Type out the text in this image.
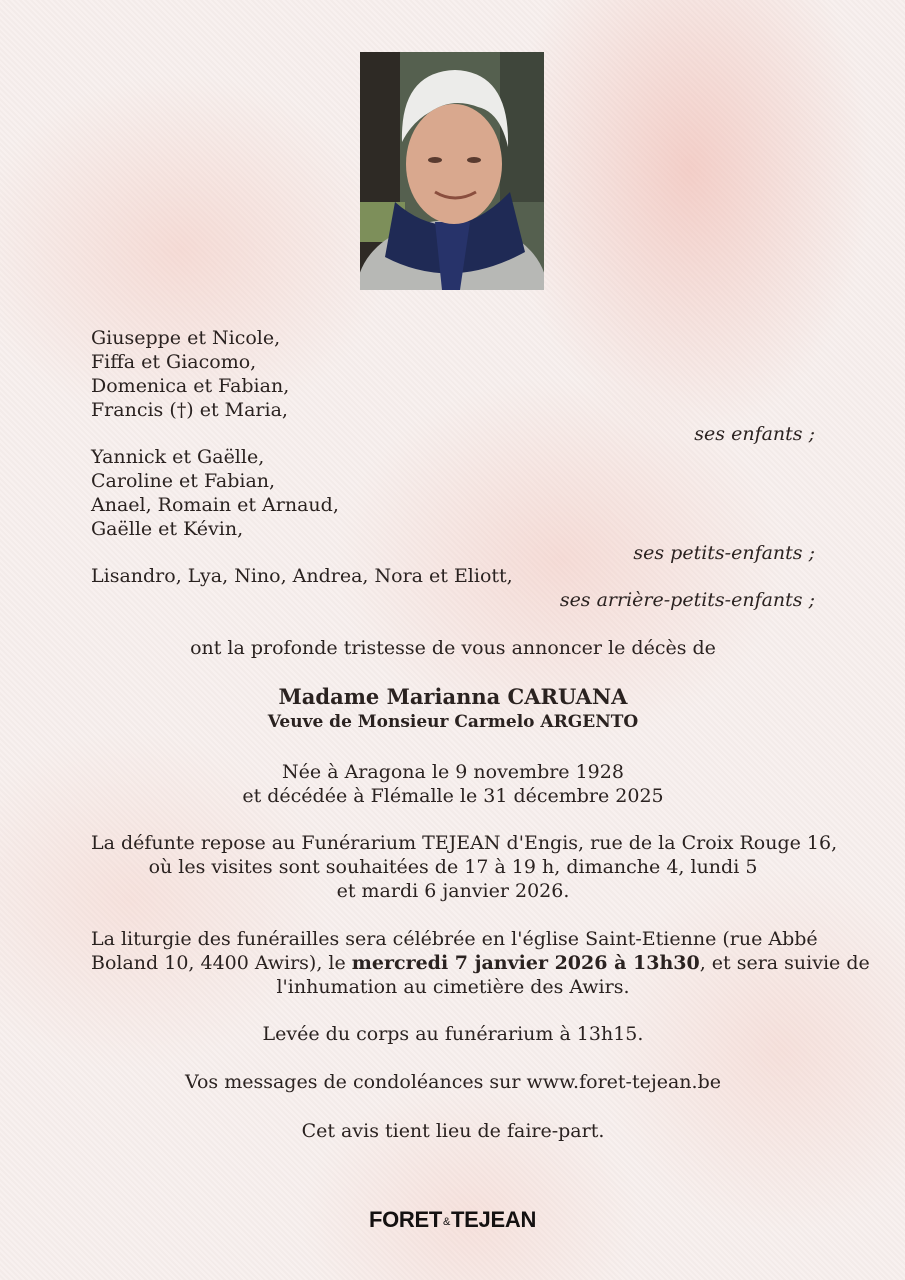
Giuseppe et Nicole,
Fiffa et Giacomo,
Domenica et Fabian,
Francis (†) et Maria,
ses enfants ;
Yannick et Gaëlle,
Caroline et Fabian,
Anael, Romain et Arnaud,
Gaëlle et Kévin,
ses petits-enfants ;
Lisandro, Lya, Nino, Andrea, Nora et Eliott,
ses arrière-petits-enfants ;
ont la profonde tristesse de vous annoncer le décès de
Madame Marianna CARUANA
Veuve de Monsieur Carmelo ARGENTO
Née à Aragona le 9 novembre 1928
et décédée à Flémalle le 31 décembre 2025
La défunte repose au Funérarium TEJEAN d'Engis, rue de la Croix Rouge 16,
où les visites sont souhaitées de 17 à 19 h, dimanche 4, lundi 5
et mardi 6 janvier 2026.
La liturgie des funérailles sera célébrée en l'église Saint-Etienne (rue Abbé
Boland 10, 4400 Awirs), le mercredi 7 janvier 2026 à 13h30, et sera suivie de
l'inhumation au cimetière des Awirs.
Levée du corps au funérarium à 13h15.
Vos messages de condoléances sur www.foret-tejean.be
Cet avis tient lieu de faire-part.
FORET&TEJEAN
